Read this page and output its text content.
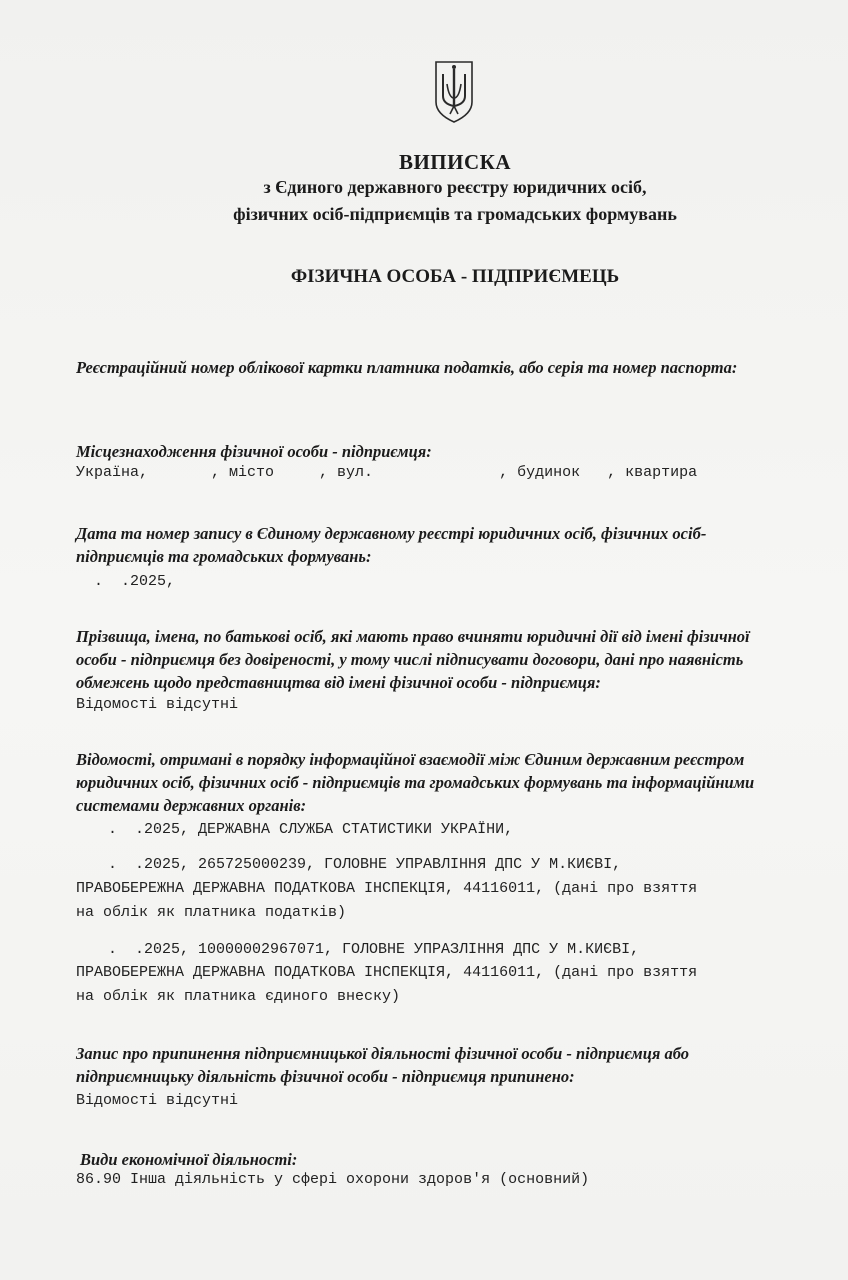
ВИПИСКА
з Єдиного державного реєстру юридичних осіб,
фізичних осіб-підприємців та громадських формувань
ФІЗИЧНА ОСОБА - ПІДПРИЄМЕЦЬ
Реєстраційний номер облікової картки платника податків, або серія та номер паспорта:
Місцезнаходження фізичної особи - підприємця:
Україна,       , місто     , вул.              , будинок   , квартира
Дата та номер запису в Єдиному державному реєстрі юридичних осіб, фізичних осіб-
підприємців та громадських формувань:
.  .2025,
Прізвища, імена, по батькові осіб, які мають право вчиняти юридичні дії від імені фізичної
особи - підприємця без довіреності, у тому числі підписувати договори, дані про наявність
обмежень щодо представництва від імені фізичної особи - підприємця:
Відомості відсутні
Відомості, отримані в порядку інформаційної взаємодії між Єдиним державним реєстром
юридичних осіб, фізичних осіб - підприємців та громадських формувань та інформаційними
системами державних органів:
.  .2025, ДЕРЖАВНА СЛУЖБА СТАТИСТИКИ УКРАЇНИ,
.  .2025, 265725000239, ГОЛОВНЕ УПРАВЛІННЯ ДПС У М.КИЄВІ,
ПРАВОБЕРЕЖНА ДЕРЖАВНА ПОДАТКОВА ІНСПЕКЦІЯ, 44116011, (дані про взяття
на облік як платника податків)
.  .2025, 10000002967071, ГОЛОВНЕ УПРАЗЛІННЯ ДПС У М.КИЄВІ,
ПРАВОБЕРЕЖНА ДЕРЖАВНА ПОДАТКОВА ІНСПЕКЦІЯ, 44116011, (дані про взяття
на облік як платника єдиного внеску)
Запис про припинення підприємницької діяльності фізичної особи - підприємця або
підприємницьку діяльність фізичної особи - підприємця припинено:
Відомості відсутні
Види економічної діяльності:
86.90 Інша діяльність у сфері охорони здоров'я (основний)
